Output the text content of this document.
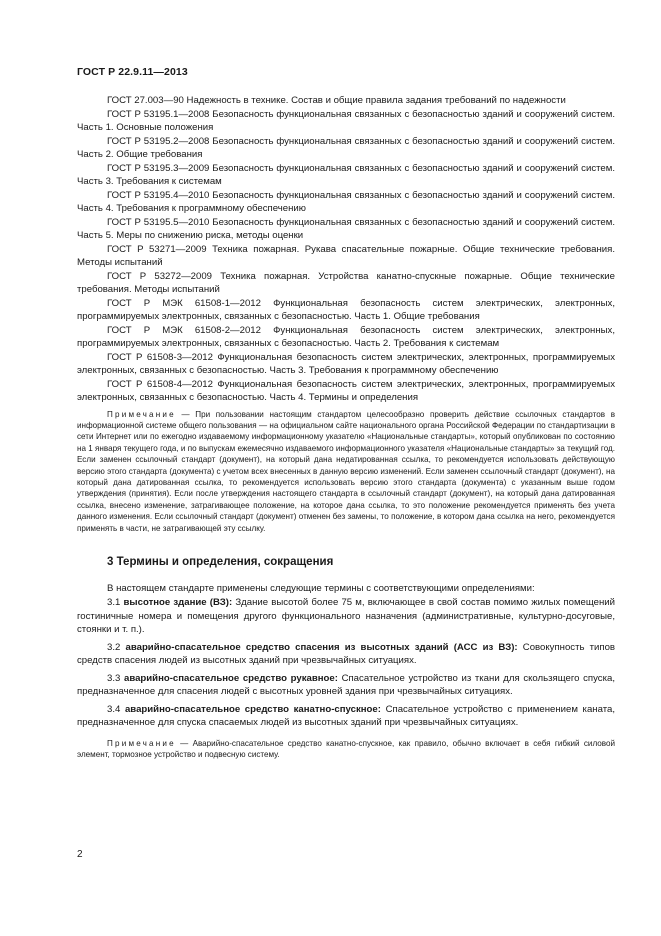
ГОСТ Р 22.9.11—2013

ГОСТ 27.003—90 Надежность в технике. Состав и общие правила задания требований по надежности

ГОСТ Р 53195.1—2008 Безопасность функциональная связанных с безопасностью зданий и сооружений систем. Часть 1. Основные положения

ГОСТ Р 53195.2—2008 Безопасность функциональная связанных с безопасностью зданий и сооружений систем. Часть 2. Общие требования

ГОСТ Р 53195.3—2009 Безопасность функциональная связанных с безопасностью зданий и сооружений систем. Часть 3. Требования к системам

ГОСТ Р 53195.4—2010 Безопасность функциональная связанных с безопасностью зданий и сооружений систем. Часть 4. Требования к программному обеспечению

ГОСТ Р 53195.5—2010 Безопасность функциональная связанных с безопасностью зданий и сооружений систем. Часть 5. Меры по снижению риска, методы оценки

ГОСТ Р 53271—2009 Техника пожарная. Рукава спасательные пожарные. Общие технические требования. Методы испытаний

ГОСТ Р 53272—2009 Техника пожарная. Устройства канатно-спускные пожарные. Общие технические требования. Методы испытаний

ГОСТ Р МЭК 61508-1—2012 Функциональная безопасность систем электрических, электронных, программируемых электронных, связанных с безопасностью. Часть 1. Общие требования

ГОСТ Р МЭК 61508-2—2012 Функциональная безопасность систем электрических, электронных, программируемых электронных, связанных с безопасностью. Часть 2. Требования к системам

ГОСТ Р 61508-3—2012 Функциональная безопасность систем электрических, электронных, программируемых электронных, связанных с безопасностью. Часть 3. Требования к программному обеспечению

ГОСТ Р 61508-4—2012 Функциональная безопасность систем электрических, электронных, программируемых электронных, связанных с безопасностью. Часть 4. Термины и определения

Примечание — При пользовании настоящим стандартом целесообразно проверить действие ссылочных стандартов в информационной системе общего пользования — на официальном сайте национального органа Российской Федерации по стандартизации в сети Интернет или по ежегодно издаваемому информационному указателю «Национальные стандарты», который опубликован по состоянию на 1 января текущего года, и по выпускам ежемесячно издаваемого информационного указателя «Национальные стандарты» за текущий год. Если заменен ссылочный стандарт (документ), на который дана недатированная ссылка, то рекомендуется использовать действующую версию этого стандарта (документа) с учетом всех внесенных в данную версию изменений. Если заменен ссылочный стандарт (документ), на который дана датированная ссылка, то рекомендуется использовать версию этого стандарта (документа) с указанным выше годом утверждения (принятия). Если после утверждения настоящего стандарта в ссылочный стандарт (документ), на который дана датированная ссылка, внесено изменение, затрагивающее положение, на которое дана ссылка, то это положение рекомендуется применять без учета данного изменения. Если ссылочный стандарт (документ) отменен без замены, то положение, в котором дана ссылка на него, рекомендуется применять в части, не затрагивающей эту ссылку.

3 Термины и определения, сокращения

В настоящем стандарте применены следующие термины с соответствующими определениями:

3.1 высотное здание (ВЗ): Здание высотой более 75 м, включающее в свой состав помимо жилых помещений гостиничные номера и помещения другого функционального назначения (административные, культурно-досуговые, стоянки и т. п.).

3.2 аварийно-спасательное средство спасения из высотных зданий (АСС из ВЗ): Совокупность типов средств спасения людей из высотных зданий при чрезвычайных ситуациях.

3.3 аварийно-спасательное средство рукавное: Спасательное устройство из ткани для скользящего спуска, предназначенное для спасения людей с высотных уровней здания при чрезвычайных ситуациях.

3.4 аварийно-спасательное средство канатно-спускное: Спасательное устройство с применением каната, предназначенное для спуска спасаемых людей из высотных зданий при чрезвычайных ситуациях.

Примечание — Аварийно-спасательное средство канатно-спускное, как правило, обычно включает в себя гибкий силовой элемент, тормозное устройство и подвесную систему.

2
